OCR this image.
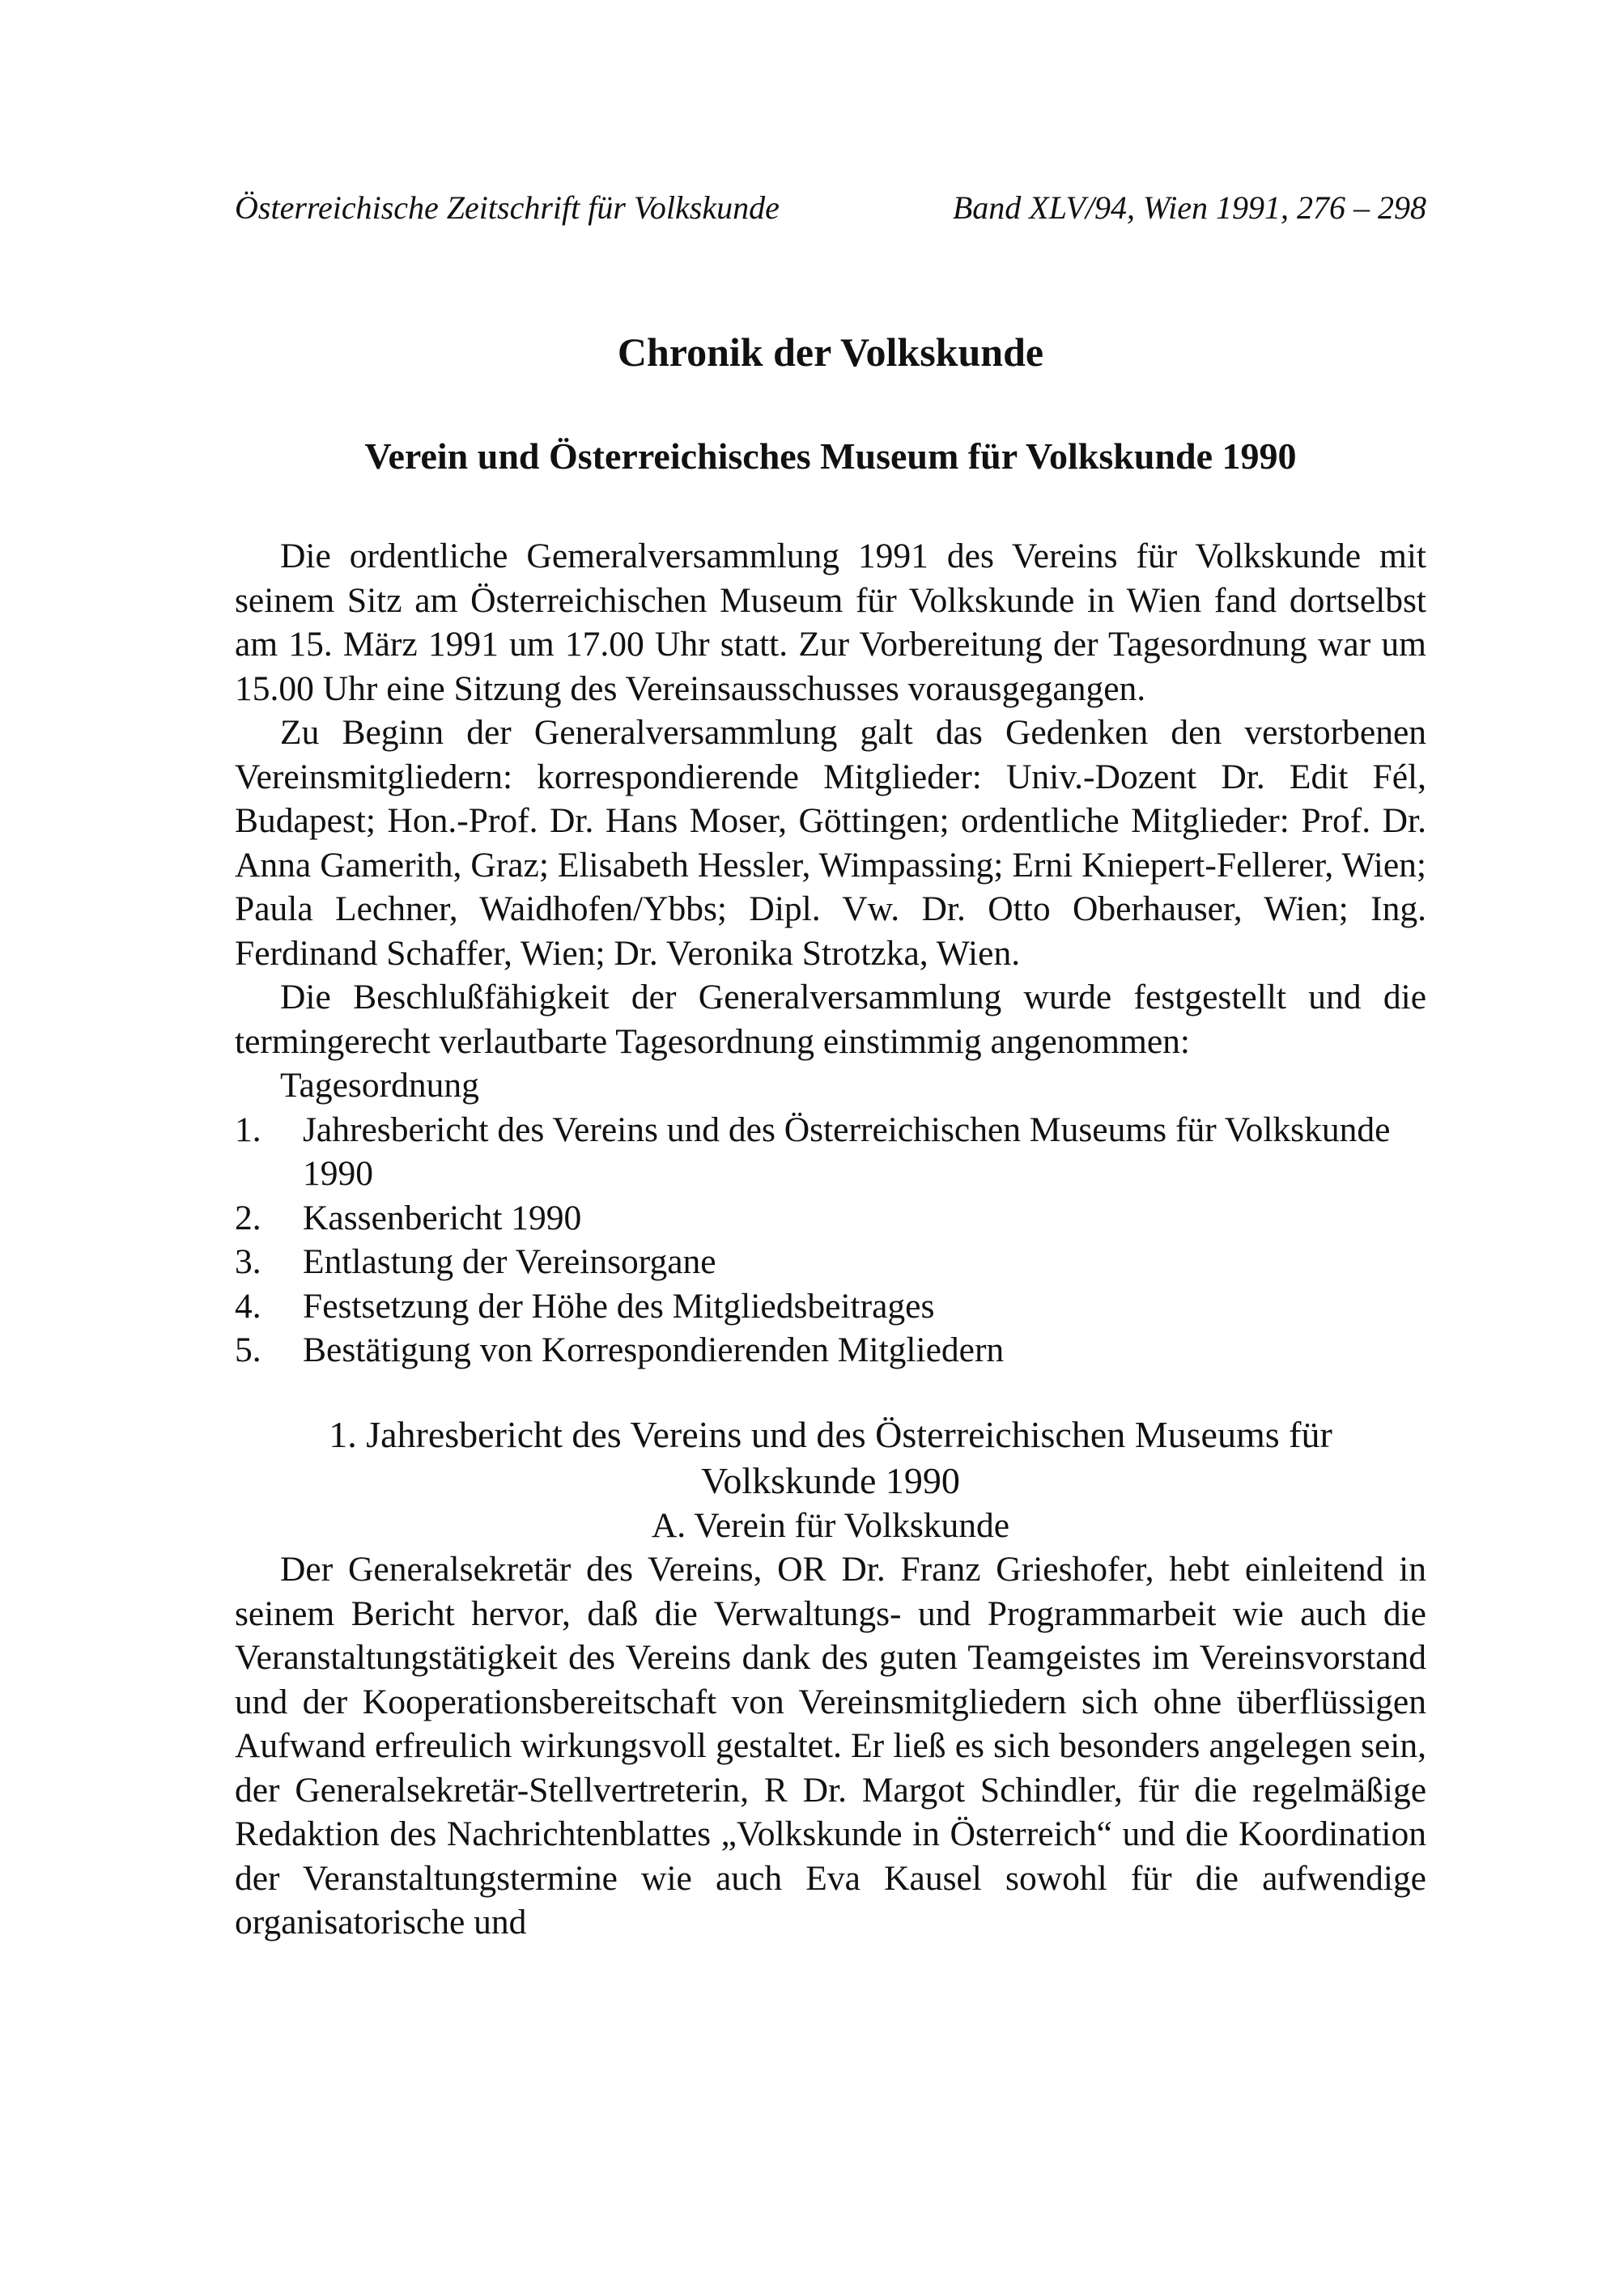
Österreichische Zeitschrift für Volkskunde	Band XLV/94, Wien 1991, 276 – 298
Chronik der Volkskunde
Verein und Österreichisches Museum für Volkskunde 1990

Die ordentliche Gemeralversammlung 1991 des Vereins für Volkskunde mit seinem Sitz am Österreichischen Museum für Volkskunde in Wien fand dortselbst am 15. März 1991 um 17.00 Uhr statt. Zur Vorbereitung der Tagesordnung war um 15.00 Uhr eine Sitzung des Vereinsausschusses vorausgegangen.

Zu Beginn der Generalversammlung galt das Gedenken den verstorbenen Vereinsmitgliedern: korrespondierende Mitglieder: Univ.-Dozent Dr. Edit Fél, Budapest; Hon.-Prof. Dr. Hans Moser, Göttingen; ordentliche Mitglieder: Prof. Dr. Anna Gamerith, Graz; Elisabeth Hessler, Wimpassing; Erni Kniepert-Fellerer, Wien; Paula Lechner, Waidhofen/Ybbs; Dipl. Vw. Dr. Otto Oberhauser, Wien; Ing. Ferdinand Schaffer, Wien; Dr. Veronika Strotzka, Wien.

Die Beschlußfähigkeit der Generalversammlung wurde festgestellt und die termingerecht verlautbarte Tagesordnung einstimmig angenommen:

Tagesordnung

1.	Jahresbericht des Vereins und des Österreichischen Museums für Volkskunde 1990
2.	Kassenbericht 1990
3.	Entlastung der Vereinsorgane
4.	Festsetzung der Höhe des Mitgliedsbeitrages
5.	Bestätigung von Korrespondierenden Mitgliedern
1. Jahresbericht des Vereins und des Österreichischen Museums für
Volkskunde 1990

A. Verein für Volkskunde

Der Generalsekretär des Vereins, OR Dr. Franz Grieshofer, hebt einleitend in seinem Bericht hervor, daß die Verwaltungs- und Programmarbeit wie auch die Veranstaltungstätigkeit des Vereins dank des guten Teamgeistes im Vereinsvorstand und der Kooperationsbereitschaft von Vereinsmitgliedern sich ohne überflüssigen Aufwand erfreulich wirkungsvoll gestaltet. Er ließ es sich besonders angelegen sein, der Generalsekretär-Stellvertreterin, R Dr. Margot Schindler, für die regelmäßige Redaktion des Nachrichtenblattes „Volkskunde in Österreich“ und die Koordination der Veranstaltungstermine wie auch Eva Kausel sowohl für die aufwendige organisatorische und
